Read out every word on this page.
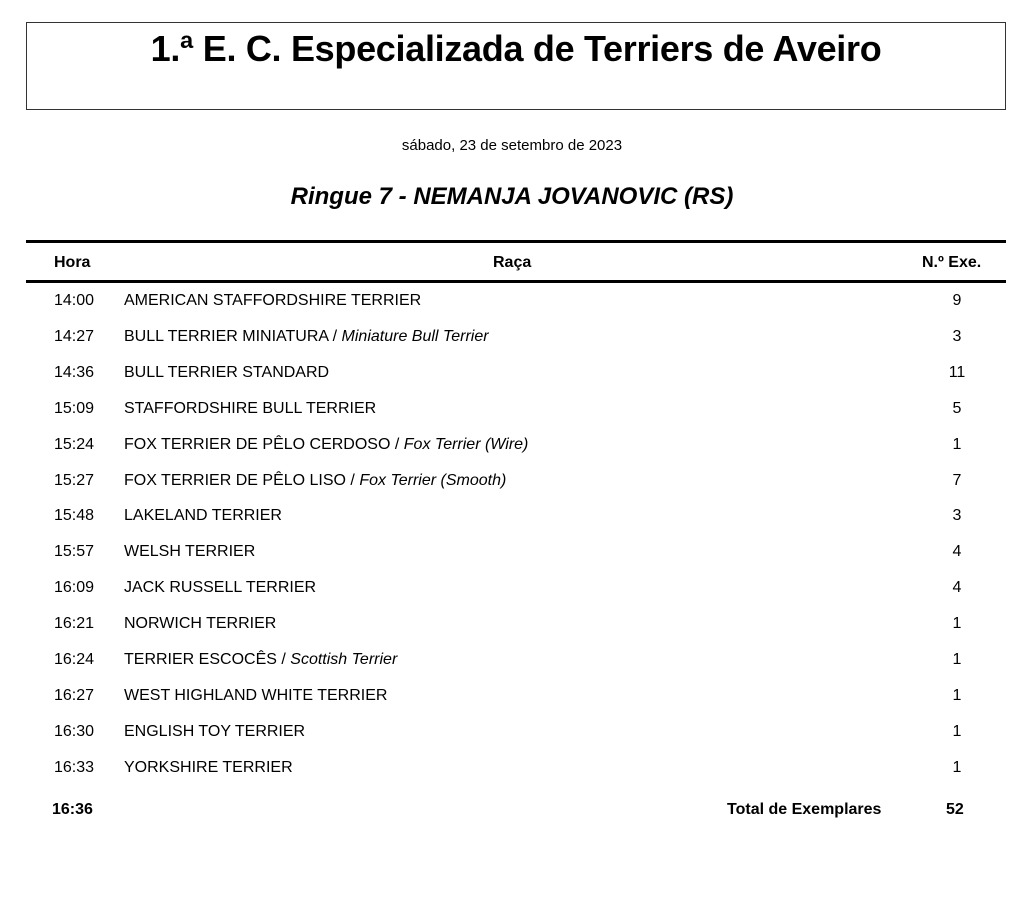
1.ª E. C. Especializada de Terriers de Aveiro
sábado, 23 de setembro de 2023
Ringue 7 - NEMANJA JOVANOVIC (RS)
Hora	Raça	N.º Exe.
14:00 AMERICAN STAFFORDSHIRE TERRIER	9
14:27 BULL TERRIER MINIATURA / Miniature Bull Terrier	3
14:36 BULL TERRIER STANDARD	11
15:09 STAFFORDSHIRE BULL TERRIER	5
15:24 FOX TERRIER DE PÊLO CERDOSO / Fox Terrier (Wire)	1
15:27 FOX TERRIER DE PÊLO LISO / Fox Terrier (Smooth)	7
15:48 LAKELAND TERRIER	3
15:57 WELSH TERRIER	4
16:09 JACK RUSSELL TERRIER	4
16:21 NORWICH TERRIER	1
16:24 TERRIER ESCOCÊS / Scottish Terrier	1
16:27 WEST HIGHLAND WHITE TERRIER	1
16:30 ENGLISH TOY TERRIER	1
16:33 YORKSHIRE TERRIER	1
16:36	Total de Exemplares	52
